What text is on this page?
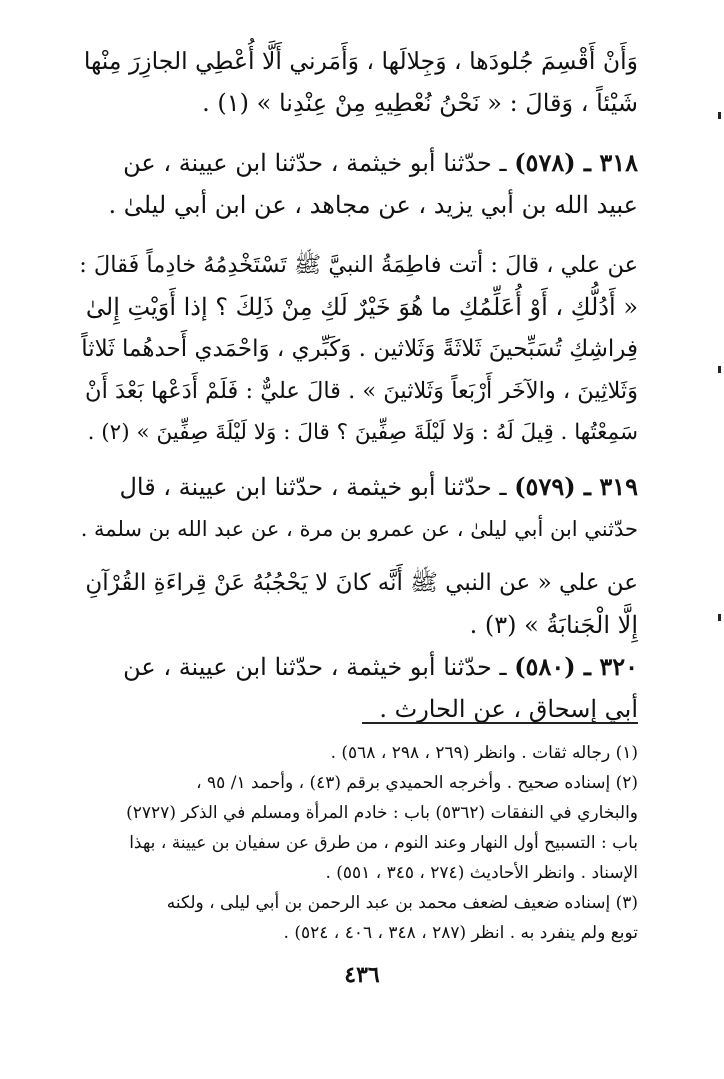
وَأَنْ أَقْسِمَ جُلودَها ، وَجِلالَها ، وَأَمَرني أَلَّا أُعْطِي الجازِرَ مِنْها
شَيْئاً ، وَقالَ : « نَحْنُ نُعْطِيهِ مِنْ عِنْدِنا » (١) .
٣١٨ ـ (٥٧٨) ـ حدّثنا أبو خيثمة ، حدّثنا ابن عيينة ، عن
عبيد الله بن أبي يزيد ، عن مجاهد ، عن ابن أبي ليلىٰ .
عن علي ، قالَ : أتت فاطِمَةُ النبيَّ ﷺ تَسْتَخْدِمُهُ خادِماً فَقالَ :
« أَدُلُّكِ ، أَوْ أُعَلِّمُكِ ما هُوَ خَيْرٌ لَكِ مِنْ ذَلِكَ ؟ إذا أَوَيْتِ إِلىٰ
فِراشِكِ تُسَبِّحينَ ثَلاثَةً وَثَلاثين . وَكَبِّري ، وَاحْمَدي أَحدهُما ثَلاثاً
وَثَلاثِينَ ، والآخَر أَرْبَعاً وَثَلاثينَ » . قالَ عليٌّ : فَلَمْ أَدَعْها بَعْدَ أَنْ
سَمِعْتُها . قِيلَ لَهُ : وَلا لَيْلَةَ صِفِّينَ ؟ قالَ : وَلا لَيْلَةَ صِفِّينَ » (٢) .
٣١٩ ـ (٥٧٩) ـ حدّثنا أبو خيثمة ، حدّثنا ابن عيينة ، قال
حدّثني ابن أبي ليلىٰ ، عن عمرو بن مرة ، عن عبد الله بن سلمة .
عن علي « عن النبي ﷺ أَنَّه كانَ لا يَحْجُبُهُ عَنْ قِراءَةِ القُرْآنِ
إِلَّا الْجَنابَةُ » (٣) .
٣٢٠ ـ (٥٨٠) ـ حدّثنا أبو خيثمة ، حدّثنا ابن عيينة ، عن
أبي إسحاق ، عن الحارث .
(١) رجاله ثقات . وانظر (٢٦٩ ، ٢٩٨ ، ٥٦٨) .
(٢) إسناده صحيح . وأخرجه الحميدي برقم (٤٣) ، وأحمد ١/ ٩٥ ،
والبخاري في النفقات (٥٣٦٢) باب : خادم المرأة ومسلم في الذكر (٢٧٢٧)
باب : التسبيح أول النهار وعند النوم ، من طرق عن سفيان بن عيينة ، بهذا
الإسناد . وانظر الأحاديث (٢٧٤ ، ٣٤٥ ، ٥٥١) .
(٣) إسناده ضعيف لضعف محمد بن عبد الرحمن بن أبي ليلى ، ولكنه
توبع ولم ينفرد به . انظر (٢٨٧ ، ٣٤٨ ، ٤٠٦ ، ٥٢٤) .
٤٣٦
